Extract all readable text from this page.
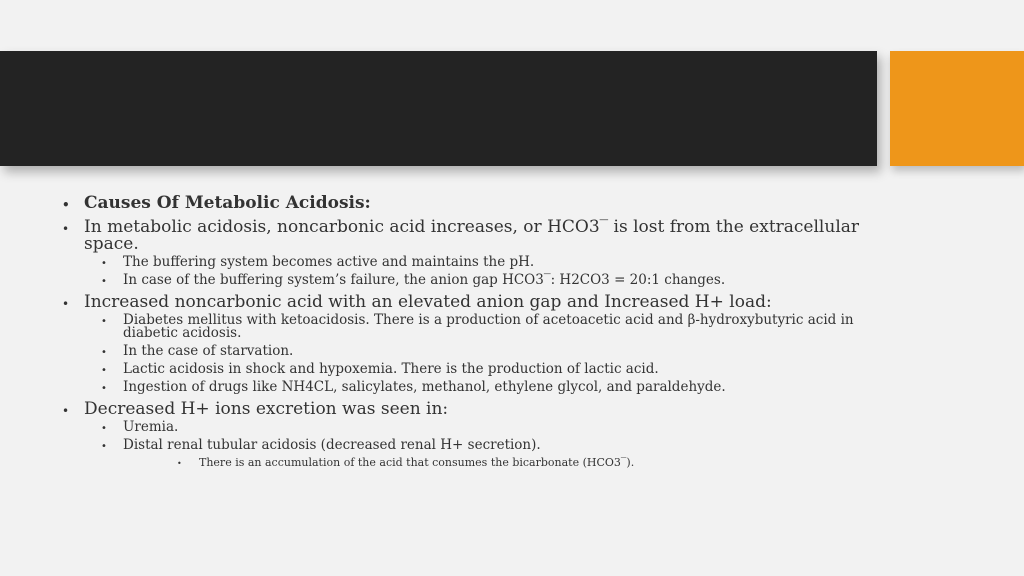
• Causes Of Metabolic Acidosis:
• In metabolic acidosis, noncarbonic acid increases, or HCO3‾ is lost from the extracellular space.
• The buffering system becomes active and maintains the pH.
• In case of the buffering system’s failure, the anion gap HCO3‾: H2CO3 = 20:1 changes.
• Increased noncarbonic acid with an elevated anion gap and Increased H+ load:
• Diabetes mellitus with ketoacidosis. There is a production of acetoacetic acid and β-hydroxybutyric acid in diabetic acidosis.
• In the case of starvation.
• Lactic acidosis in shock and hypoxemia. There is the production of lactic acid.
• Ingestion of drugs like NH4CL, salicylates, methanol, ethylene glycol, and paraldehyde.
• Decreased H+ ions excretion was seen in:
• Uremia.
• Distal renal tubular acidosis (decreased renal H+ secretion).
• There is an accumulation of the acid that consumes the bicarbonate (HCO3‾).
